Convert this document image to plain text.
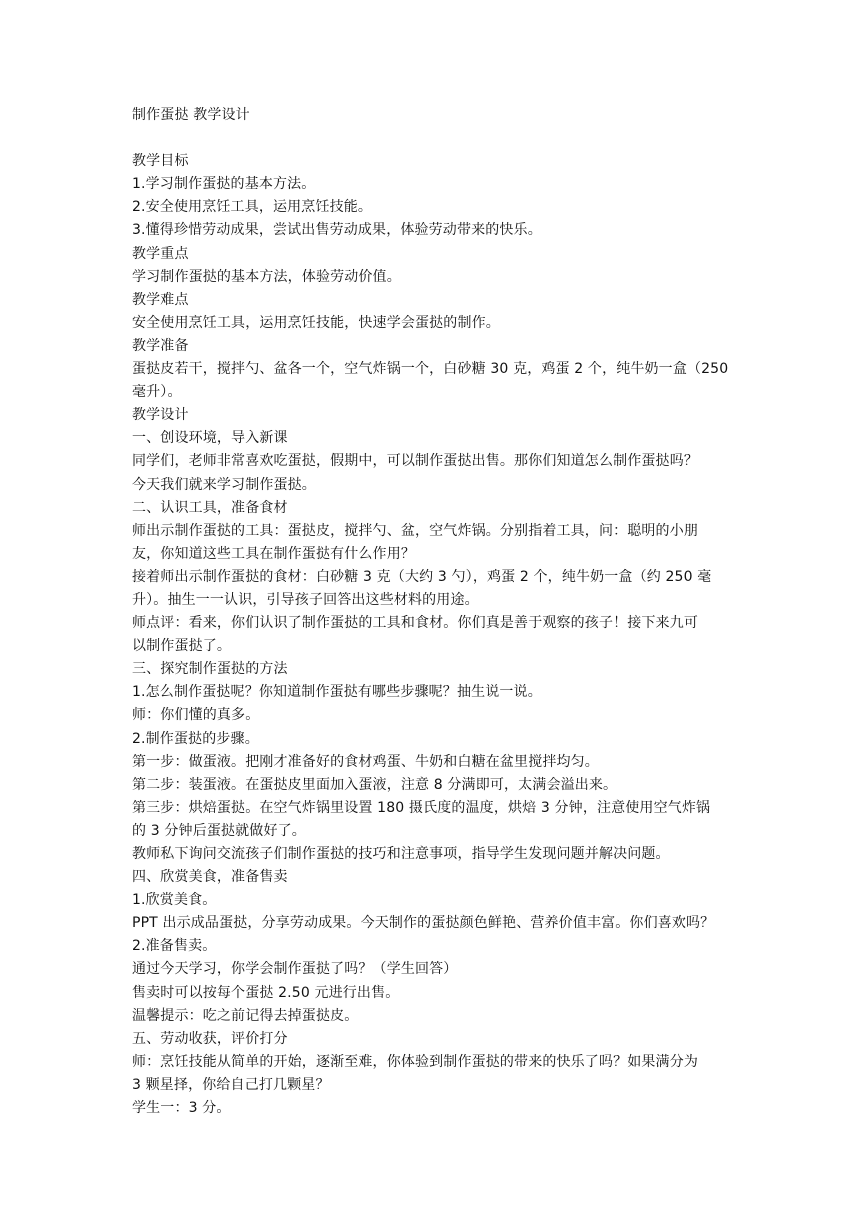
制作蛋挞 教学设计
教学目标
1.学习制作蛋挞的基本方法。
2.安全使用烹饪工具，运用烹饪技能。
3.懂得珍惜劳动成果，尝试出售劳动成果，体验劳动带来的快乐。
教学重点
学习制作蛋挞的基本方法，体验劳动价值。
教学难点
安全使用烹饪工具，运用烹饪技能，快速学会蛋挞的制作。
教学准备
蛋挞皮若干，搅拌勺、盆各一个，空气炸锅一个，白砂糖 30 克，鸡蛋 2 个，纯牛奶一盒（250
毫升）。
教学设计
一、创设环境，导入新课
同学们，老师非常喜欢吃蛋挞，假期中，可以制作蛋挞出售。那你们知道怎么制作蛋挞吗？
今天我们就来学习制作蛋挞。
二、认识工具，准备食材
师出示制作蛋挞的工具：蛋挞皮，搅拌勺、盆，空气炸锅。分别指着工具，问：聪明的小朋
友，你知道这些工具在制作蛋挞有什么作用？
接着师出示制作蛋挞的食材：白砂糖 3 克（大约 3 勺），鸡蛋 2 个，纯牛奶一盒（约 250 毫
升）。抽生一一认识，引导孩子回答出这些材料的用途。
师点评：看来，你们认识了制作蛋挞的工具和食材。你们真是善于观察的孩子！接下来九可
以制作蛋挞了。
三、探究制作蛋挞的方法
1.怎么制作蛋挞呢？你知道制作蛋挞有哪些步骤呢？抽生说一说。
师：你们懂的真多。
2.制作蛋挞的步骤。
第一步：做蛋液。把刚才准备好的食材鸡蛋、牛奶和白糖在盆里搅拌均匀。
第二步：装蛋液。在蛋挞皮里面加入蛋液，注意 8 分满即可，太满会溢出来。
第三步：烘焙蛋挞。在空气炸锅里设置 180 摄氏度的温度，烘焙 3 分钟，注意使用空气炸锅
的 3 分钟后蛋挞就做好了。
教师私下询问交流孩子们制作蛋挞的技巧和注意事项，指导学生发现问题并解决问题。
四、欣赏美食，准备售卖
1.欣赏美食。
PPT 出示成品蛋挞，分享劳动成果。今天制作的蛋挞颜色鲜艳、营养价值丰富。你们喜欢吗？
2.准备售卖。
通过今天学习，你学会制作蛋挞了吗？（学生回答）
售卖时可以按每个蛋挞 2.50 元进行出售。
温馨提示：吃之前记得去掉蛋挞皮。
五、劳动收获，评价打分
师：烹饪技能从简单的开始，逐渐至难，你体验到制作蛋挞的带来的快乐了吗？如果满分为
3 颗星择，你给自己打几颗星？
学生一：3 分。
